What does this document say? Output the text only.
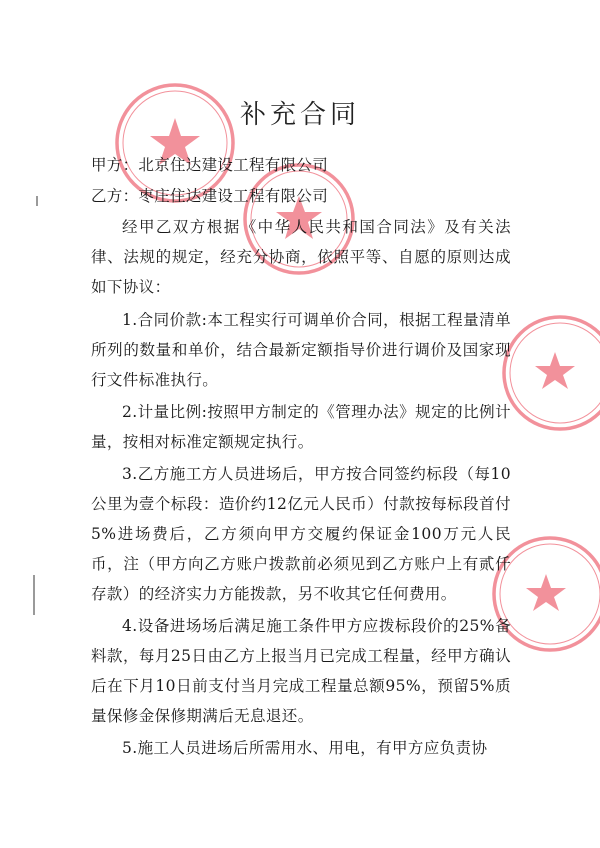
补充合同
甲方：北京住达建设工程有限公司
乙方：枣庄住达建设工程有限公司

经甲乙双方根据《中华人民共和国合同法》及有关法律、法规的规定，经充分协商，依照平等、自愿的原则达成如下协议：

1.合同价款:本工程实行可调单价合同，根据工程量清单所列的数量和单价，结合最新定额指导价进行调价及国家现行文件标准执行。

2.计量比例:按照甲方制定的《管理办法》规定的比例计量，按相对标准定额规定执行。

3.乙方施工方人员进场后，甲方按合同签约标段（每10公里为壹个标段：造价约12亿元人民币）付款按每标段首付5%进场费后，乙方须向甲方交履约保证金100万元人民币，注（甲方向乙方账户拨款前必须见到乙方账户上有贰仟存款）的经济实力方能拨款，另不收其它任何费用。

4.设备进场场后满足施工条件甲方应拨标段价的25%备料款，每月25日由乙方上报当月已完成工程量，经甲方确认后在下月10日前支付当月完成工程量总额95%，预留5%质量保修金保修期满后无息退还。

5.施工人员进场后所需用水、用电，有甲方应负责协
